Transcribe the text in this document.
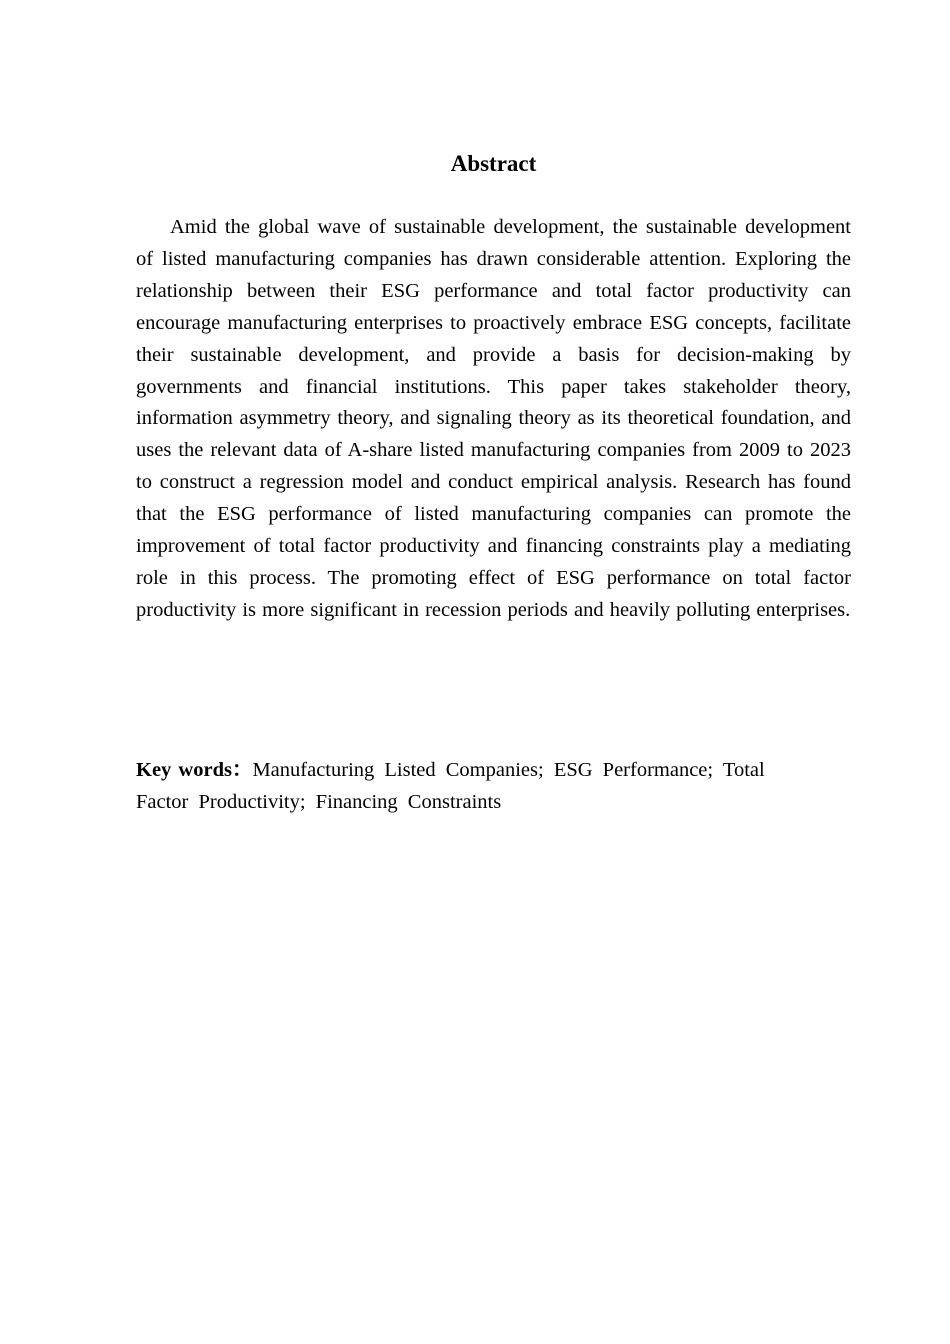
Abstract

Amid the global wave of sustainable development, the sustainable development of listed manufacturing companies has drawn considerable attention. Exploring the relationship between their ESG performance and total factor productivity can encourage manufacturing enterprises to proactively embrace ESG concepts, facilitate their sustainable development, and provide a basis for decision-making by governments and financial institutions. This paper takes stakeholder theory, information asymmetry theory, and signaling theory as its theoretical foundation, and uses the relevant data of A-share listed manufacturing companies from 2009 to 2023 to construct a regression model and conduct empirical analysis. Research has found that the ESG performance of listed manufacturing companies can promote the improvement of total factor productivity and financing constraints play a mediating role in this process. The promoting effect of ESG performance on total factor productivity is more significant in recession periods and heavily polluting enterprises.

Key words：Manufacturing Listed Companies; ESG Performance; Total Factor Productivity; Financing Constraints
